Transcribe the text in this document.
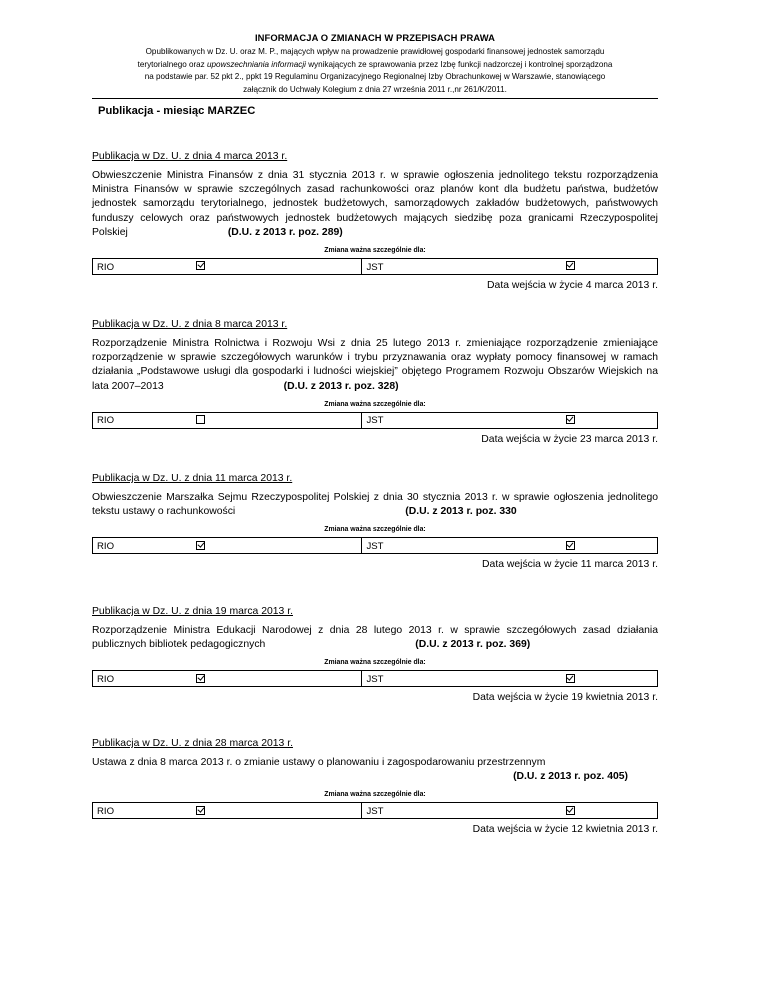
INFORMACJA O ZMIANACH W PRZEPISACH PRAWA
Opublikowanych w Dz. U. oraz M. P., mających wpływ na prowadzenie prawidłowej gospodarki finansowej jednostek samorządu
terytorialnego oraz upowszechniania informacji wynikających ze sprawowania przez Izbę funkcji nadzorczej i kontrolnej sporządzona
na podstawie par. 52 pkt 2., ppkt 19 Regulaminu Organizacyjnego Regionalnej Izby Obrachunkowej w Warszawie, stanowiącego
załącznik do Uchwały Kolegium z dnia 27 września 2011 r.,nr 261/K/2011.
Publikacja - miesiąc MARZEC
Publikacja w Dz. U. z dnia 4 marca 2013 r.
Obwieszczenie Ministra Finansów z dnia 31 stycznia 2013 r. w sprawie ogłoszenia jednolitego tekstu rozporządzenia Ministra Finansów w sprawie szczególnych zasad rachunkowości oraz planów kont dla budżetu państwa, budżetów jednostek samorządu terytorialnego, jednostek budżetowych, samorządowych zakładów budżetowych, państwowych funduszy celowych oraz państwowych jednostek budżetowych mających siedzibę poza granicami Rzeczypospolitej Polskiej	(D.U. z 2013 r. poz. 289)
Zmiana ważna szczególnie dla:
RIO		JST	
Data wejścia w życie 4 marca 2013 r.
Publikacja w Dz. U. z dnia 8 marca 2013 r.
Rozporządzenie Ministra Rolnictwa i Rozwoju Wsi z dnia 25 lutego 2013 r. zmieniające rozporządzenie zmieniające rozporządzenie w sprawie szczegółowych warunków i trybu przyznawania oraz wypłaty pomocy finansowej w ramach działania „Podstawowe usługi dla gospodarki i ludności wiejskiej” objętego Programem Rozwoju Obszarów Wiejskich na lata 2007–2013	(D.U. z 2013 r. poz. 328)
Zmiana ważna szczególnie dla:
RIO		JST	
Data wejścia w życie 23 marca 2013 r.
Publikacja w Dz. U. z dnia 11 marca 2013 r.
Obwieszczenie Marszałka Sejmu Rzeczypospolitej Polskiej z dnia 30 stycznia 2013 r. w sprawie ogłoszenia jednolitego tekstu ustawy o rachunkowości	(D.U. z 2013 r. poz. 330
Zmiana ważna szczególnie dla:
RIO		JST	
Data wejścia w życie 11 marca 2013 r.
Publikacja w Dz. U. z dnia 19 marca 2013 r.
Rozporządzenie Ministra Edukacji Narodowej z dnia 28 lutego 2013 r. w sprawie szczegółowych zasad działania publicznych bibliotek pedagogicznych	(D.U. z 2013 r. poz. 369)
Zmiana ważna szczególnie dla:
RIO		JST	
Data wejścia w życie 19 kwietnia 2013 r.
Publikacja w Dz. U. z dnia 28 marca 2013 r.
Ustawa z dnia 8 marca 2013 r. o zmianie ustawy o planowaniu i zagospodarowaniu przestrzennym
(D.U. z 2013 r. poz. 405)
Zmiana ważna szczególnie dla:
RIO		JST	
Data wejścia w życie 12 kwietnia 2013 r.
